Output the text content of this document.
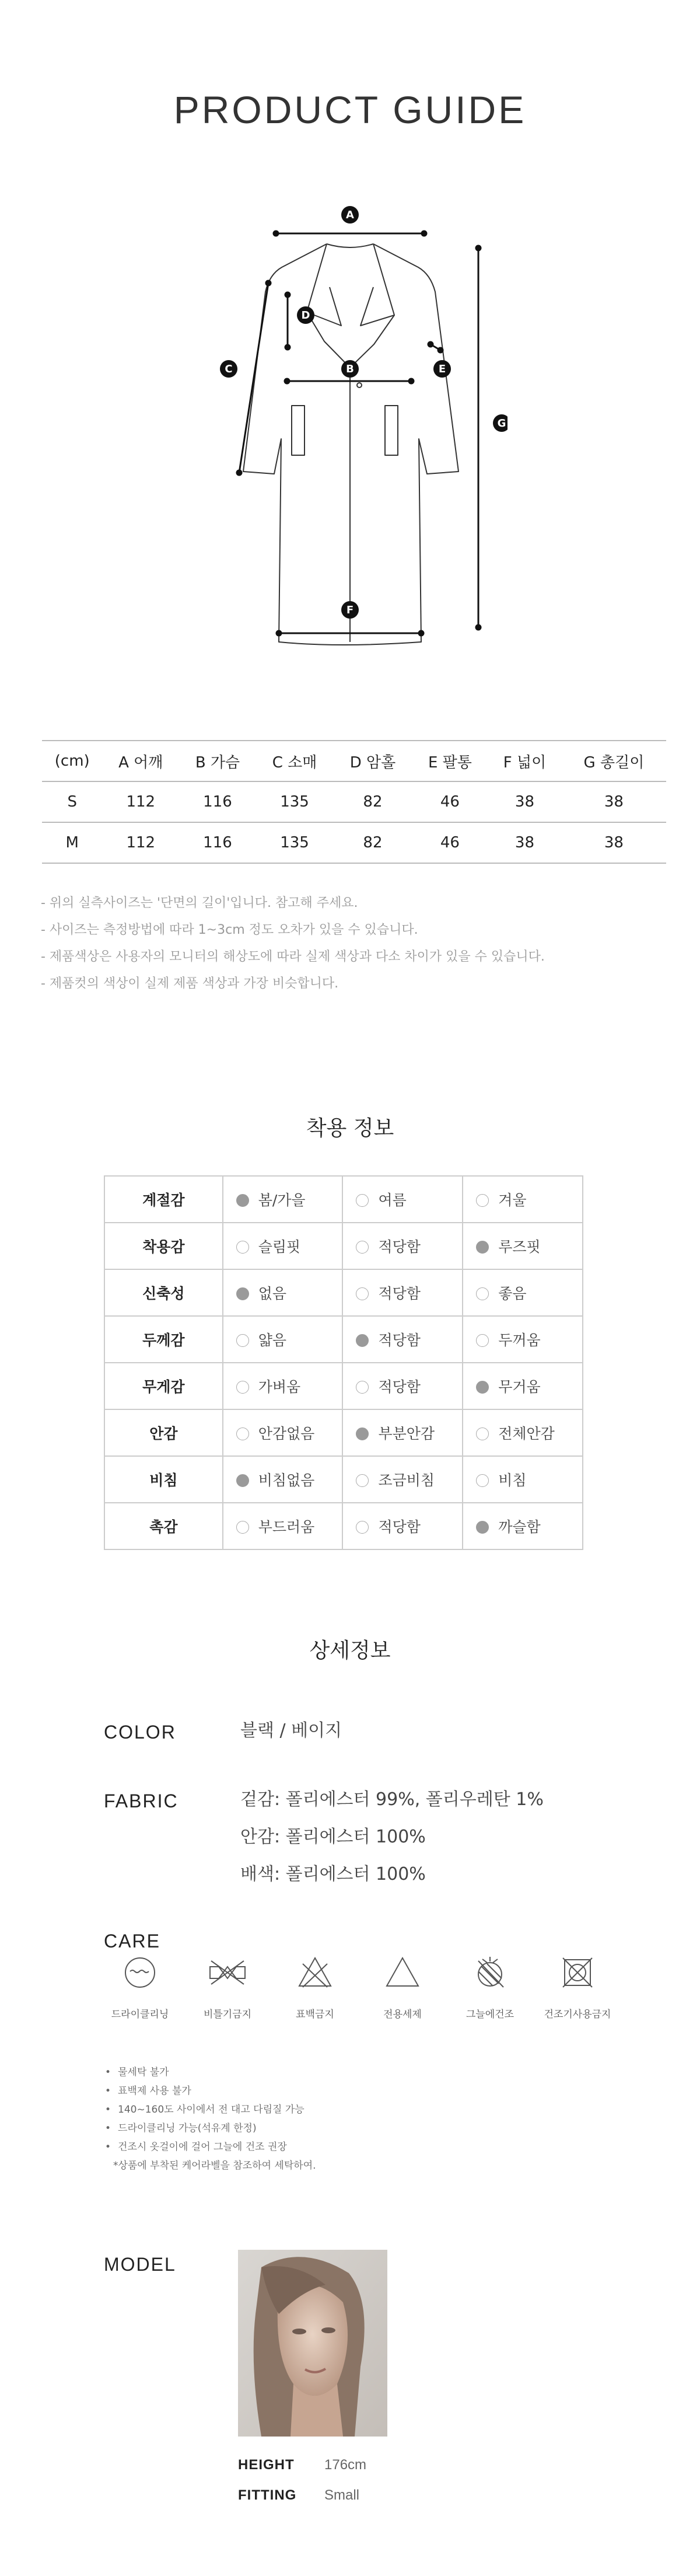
PRODUCT GUIDE
A
B
C
D
E
F
G
(cm)	A 어깨	B 가슴	C 소매	D 암홀	E 팔통	F 넓이	G 총길이
S	112	116	135	82	46	38	38
M	112	116	135	82	46	38	38
- 위의 실측사이즈는 '단면의 길이'입니다. 참고해 주세요.
- 사이즈는 측정방법에 따라 1~3cm 정도 오차가 있을 수 있습니다.
- 제품색상은 사용자의 모니터의 해상도에 따라 실제 색상과 다소 차이가 있을 수 있습니다.
- 제품컷의 색상이 실제 제품 색상과 가장 비슷합니다.
착용 정보
계절감	봄/가을	여름	겨울
착용감	슬림핏	적당함	루즈핏
신축성	없음	적당함	좋음
두께감	얇음	적당함	두꺼움
무게감	가벼움	적당함	무거움
안감	안감없음	부분안감	전체안감
비침	비침없음	조금비침	비침
촉감	부드러움	적당함	까슬함
상세정보
COLOR	블랙 / 베이지
FABRIC	겉감: 폴리에스터 99%, 폴리우레탄 1%
안감: 폴리에스터 100%
배색: 폴리에스터 100%
CARE
드라이클리닝	비틀기금지	표백금지	전용세제	그늘에건조	건조기사용금지
• 물세탁 불가
• 표백제 사용 불가
• 140~160도 사이에서 전 대고 다림질 가능
• 드라이클리닝 가능(석유계 한정)
• 건조시 옷걸이에 걸어 그늘에 건조 권장
*상품에 부착된 케어라벨을 참조하여 세탁하여.
MODEL
HEIGHT 176cm
FITTING Small
